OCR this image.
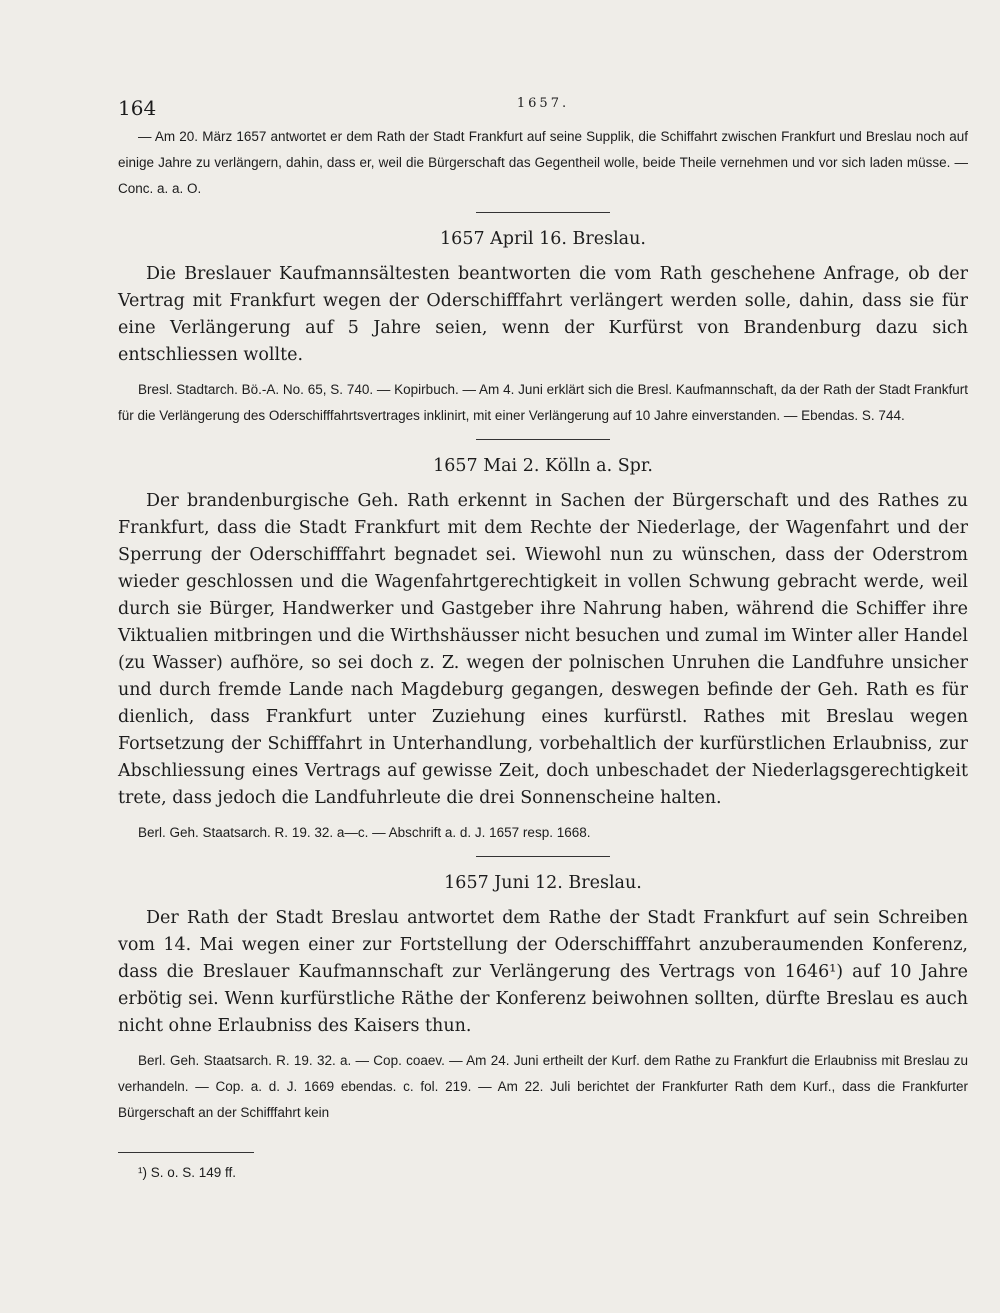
164	1657.

— Am 20. März 1657 antwortet er dem Rath der Stadt Frankfurt auf seine Supplik, die Schiffahrt zwischen Frankfurt und Breslau noch auf einige Jahre zu verlängern, dahin, dass er, weil die Bürgerschaft das Gegentheil wolle, beide Theile vernehmen und vor sich laden müsse. — Conc. a. a. O.

1657 April 16. Breslau.

Die Breslauer Kaufmannsältesten beantworten die vom Rath geschehene Anfrage, ob der Vertrag mit Frankfurt wegen der Oderschifffahrt verlängert werden solle, dahin, dass sie für eine Verlängerung auf 5 Jahre seien, wenn der Kurfürst von Brandenburg dazu sich entschliessen wollte.

Bresl. Stadtarch. Bö.-A. No. 65, S. 740. — Kopirbuch. — Am 4. Juni erklärt sich die Bresl. Kaufmannschaft, da der Rath der Stadt Frankfurt für die Verlängerung des Oderschifffahrtsvertrages inklinirt, mit einer Verlängerung auf 10 Jahre einverstanden. — Ebendas. S. 744.

1657 Mai 2. Kölln a. Spr.

Der brandenburgische Geh. Rath erkennt in Sachen der Bürgerschaft und des Rathes zu Frankfurt, dass die Stadt Frankfurt mit dem Rechte der Niederlage, der Wagenfahrt und der Sperrung der Oderschifffahrt begnadet sei. Wiewohl nun zu wünschen, dass der Oderstrom wieder geschlossen und die Wagenfahrtgerechtigkeit in vollen Schwung gebracht werde, weil durch sie Bürger, Handwerker und Gastgeber ihre Nahrung haben, während die Schiffer ihre Viktualien mitbringen und die Wirthshäusser nicht besuchen und zumal im Winter aller Handel (zu Wasser) aufhöre, so sei doch z. Z. wegen der polnischen Unruhen die Landfuhre unsicher und durch fremde Lande nach Magdeburg gegangen, deswegen befinde der Geh. Rath es für dienlich, dass Frankfurt unter Zuziehung eines kurfürstl. Rathes mit Breslau wegen Fortsetzung der Schifffahrt in Unterhandlung, vorbehaltlich der kurfürstlichen Erlaubniss, zur Abschliessung eines Vertrags auf gewisse Zeit, doch unbeschadet der Niederlagsgerechtigkeit trete, dass jedoch die Landfuhrleute die drei Sonnenscheine halten.

Berl. Geh. Staatsarch. R. 19. 32. a—c. — Abschrift a. d. J. 1657 resp. 1668.

1657 Juni 12. Breslau.

Der Rath der Stadt Breslau antwortet dem Rathe der Stadt Frankfurt auf sein Schreiben vom 14. Mai wegen einer zur Fortstellung der Oderschifffahrt anzuberaumenden Konferenz, dass die Breslauer Kaufmannschaft zur Verlängerung des Vertrags von 1646¹) auf 10 Jahre erbötig sei. Wenn kurfürstliche Räthe der Konferenz beiwohnen sollten, dürfte Breslau es auch nicht ohne Erlaubniss des Kaisers thun.

Berl. Geh. Staatsarch. R. 19. 32. a. — Cop. coaev. — Am 24. Juni ertheilt der Kurf. dem Rathe zu Frankfurt die Erlaubniss mit Breslau zu verhandeln. — Cop. a. d. J. 1669 ebendas. c. fol. 219. — Am 22. Juli berichtet der Frankfurter Rath dem Kurf., dass die Frankfurter Bürgerschaft an der Schifffahrt kein

¹) S. o. S. 149 ff.
